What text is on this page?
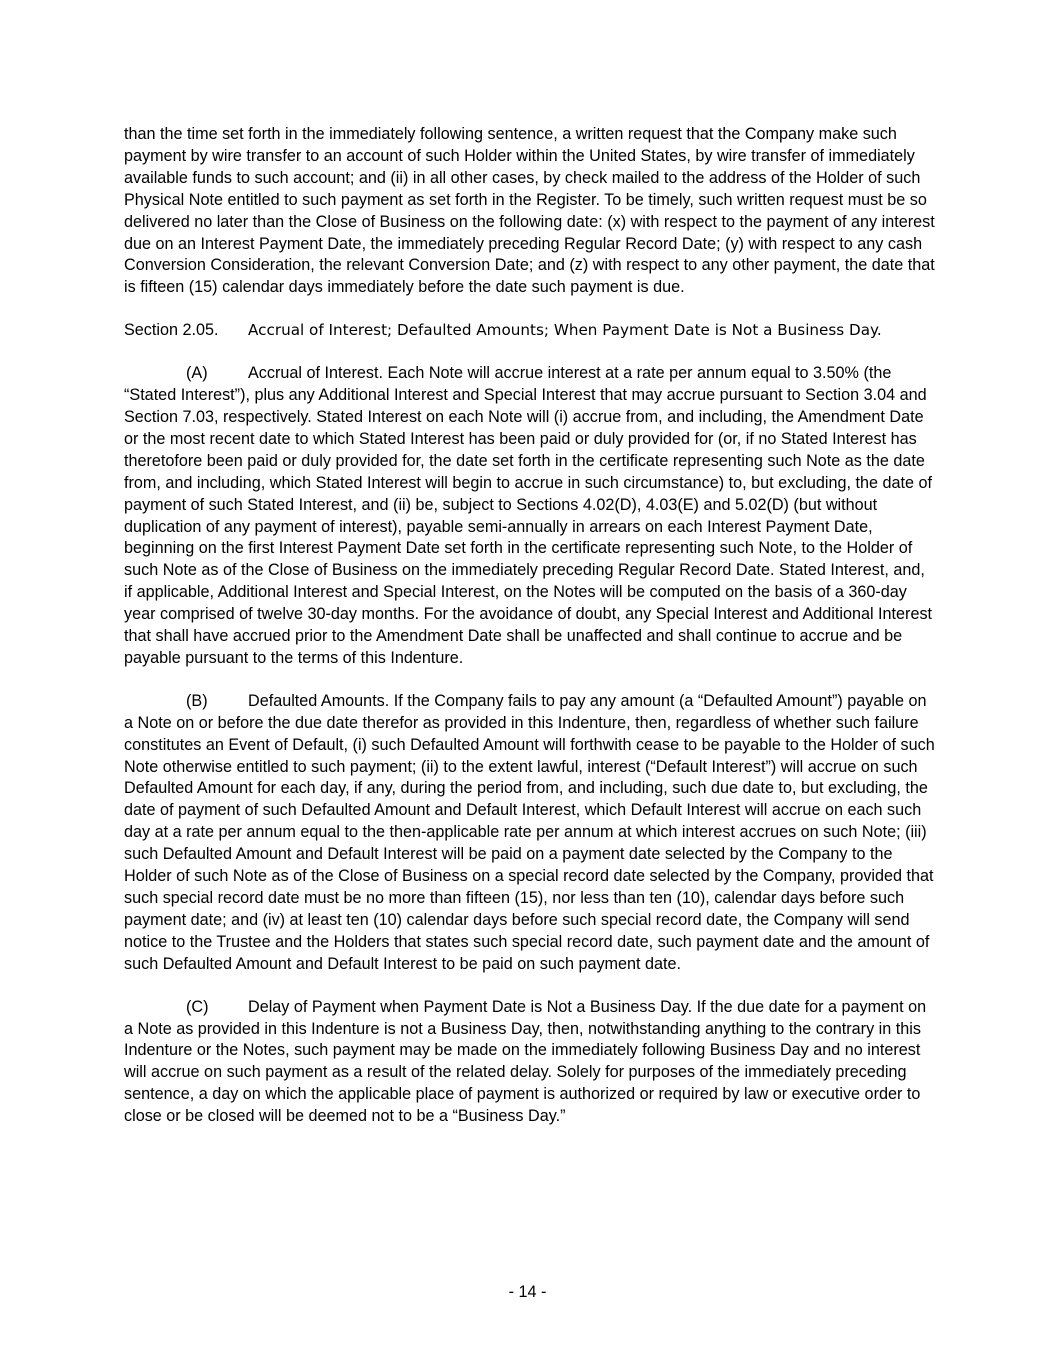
than the time set forth in the immediately following sentence, a written request that the Company make such payment by wire transfer to an account of such Holder within the United States, by wire transfer of immediately available funds to such account; and (ii) in all other cases, by check mailed to the address of the Holder of such Physical Note entitled to such payment as set forth in the Register. To be timely, such written request must be so delivered no later than the Close of Business on the following date: (x) with respect to the payment of any interest due on an Interest Payment Date, the immediately preceding Regular Record Date; (y) with respect to any cash Conversion Consideration, the relevant Conversion Date; and (z) with respect to any other payment, the date that is fifteen (15) calendar days immediately before the date such payment is due.

Section 2.05. Accrual of Interest; Defaulted Amounts; When Payment Date is Not a Business Day.

(A) Accrual of Interest. Each Note will accrue interest at a rate per annum equal to 3.50% (the “Stated Interest”), plus any Additional Interest and Special Interest that may accrue pursuant to Section 3.04 and Section 7.03, respectively. Stated Interest on each Note will (i) accrue from, and including, the Amendment Date or the most recent date to which Stated Interest has been paid or duly provided for (or, if no Stated Interest has theretofore been paid or duly provided for, the date set forth in the certificate representing such Note as the date from, and including, which Stated Interest will begin to accrue in such circumstance) to, but excluding, the date of payment of such Stated Interest, and (ii) be, subject to Sections 4.02(D), 4.03(E) and 5.02(D) (but without duplication of any payment of interest), payable semi-annually in arrears on each Interest Payment Date, beginning on the first Interest Payment Date set forth in the certificate representing such Note, to the Holder of such Note as of the Close of Business on the immediately preceding Regular Record Date. Stated Interest, and, if applicable, Additional Interest and Special Interest, on the Notes will be computed on the basis of a 360-day year comprised of twelve 30-day months. For the avoidance of doubt, any Special Interest and Additional Interest that shall have accrued prior to the Amendment Date shall be unaffected and shall continue to accrue and be payable pursuant to the terms of this Indenture.

(B) Defaulted Amounts. If the Company fails to pay any amount (a “Defaulted Amount”) payable on a Note on or before the due date therefor as provided in this Indenture, then, regardless of whether such failure constitutes an Event of Default, (i) such Defaulted Amount will forthwith cease to be payable to the Holder of such Note otherwise entitled to such payment; (ii) to the extent lawful, interest (“Default Interest”) will accrue on such Defaulted Amount for each day, if any, during the period from, and including, such due date to, but excluding, the date of payment of such Defaulted Amount and Default Interest, which Default Interest will accrue on each such day at a rate per annum equal to the then-applicable rate per annum at which interest accrues on such Note; (iii) such Defaulted Amount and Default Interest will be paid on a payment date selected by the Company to the Holder of such Note as of the Close of Business on a special record date selected by the Company, provided that such special record date must be no more than fifteen (15), nor less than ten (10), calendar days before such payment date; and (iv) at least ten (10) calendar days before such special record date, the Company will send notice to the Trustee and the Holders that states such special record date, such payment date and the amount of such Defaulted Amount and Default Interest to be paid on such payment date.

(C) Delay of Payment when Payment Date is Not a Business Day. If the due date for a payment on a Note as provided in this Indenture is not a Business Day, then, notwithstanding anything to the contrary in this Indenture or the Notes, such payment may be made on the immediately following Business Day and no interest will accrue on such payment as a result of the related delay. Solely for purposes of the immediately preceding sentence, a day on which the applicable place of payment is authorized or required by law or executive order to close or be closed will be deemed not to be a “Business Day.”

- 14 -
